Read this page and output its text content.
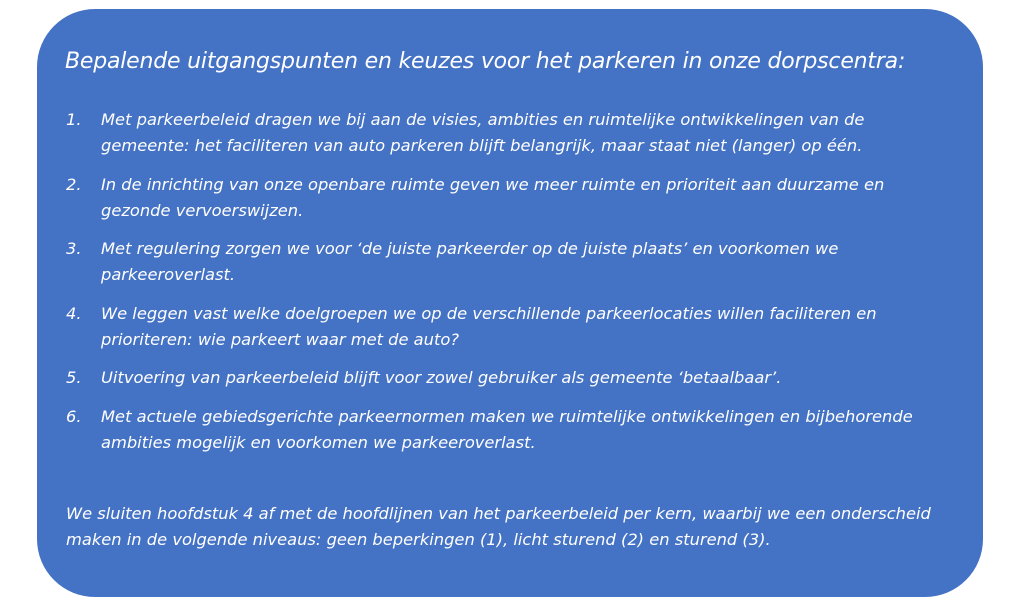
Bepalende uitgangspunten en keuzes voor het parkeren in onze dorpscentra:
1. Met parkeerbeleid dragen we bij aan de visies, ambities en ruimtelijke ontwikkelingen van de gemeente: het faciliteren van auto parkeren blijft belangrijk, maar staat niet (langer) op één.
2. In de inrichting van onze openbare ruimte geven we meer ruimte en prioriteit aan duurzame en gezonde vervoerswijzen.
3. Met regulering zorgen we voor ‘de juiste parkeerder op de juiste plaats’ en voorkomen we parkeeroverlast.
4. We leggen vast welke doelgroepen we op de verschillende parkeerlocaties willen faciliteren en prioriteren: wie parkeert waar met de auto?
5. Uitvoering van parkeerbeleid blijft voor zowel gebruiker als gemeente ‘betaalbaar’.
6. Met actuele gebiedsgerichte parkeernormen maken we ruimtelijke ontwikkelingen en bijbehorende ambities mogelijk en voorkomen we parkeeroverlast.
We sluiten hoofdstuk 4 af met de hoofdlijnen van het parkeerbeleid per kern, waarbij we een onderscheid maken in de volgende niveaus: geen beperkingen (1), licht sturend (2) en sturend (3).
